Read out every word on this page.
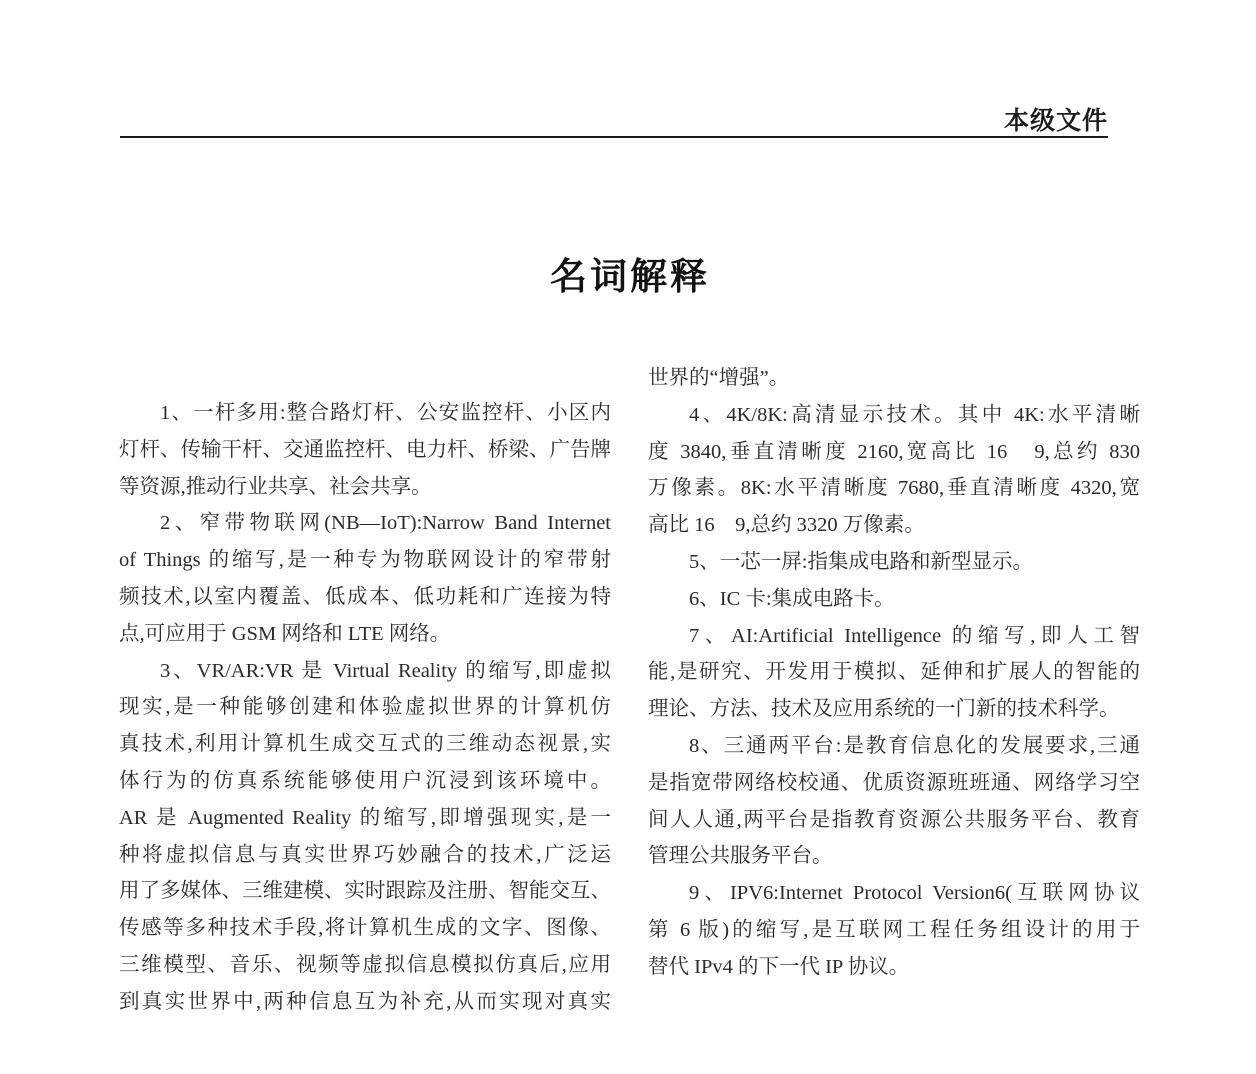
本级文件
名词解释
1、一杆多用:整合路灯杆、公安监控杆、小区内
灯杆、传输干杆、交通监控杆、电力杆、桥梁、广告牌
等资源,推动行业共享、社会共享。
2、窄带物联网(NB—IoT):Narrow Band Internet
of Things 的缩写,是一种专为物联网设计的窄带射
频技术,以室内覆盖、低成本、低功耗和广连接为特
点,可应用于 GSM 网络和 LTE 网络。
3、VR/AR:VR 是 Virtual Reality 的缩写,即虚拟
现实,是一种能够创建和体验虚拟世界的计算机仿
真技术,利用计算机生成交互式的三维动态视景,实
体行为的仿真系统能够使用户沉浸到该环境中。
AR 是 Augmented Reality 的缩写,即增强现实,是一
种将虚拟信息与真实世界巧妙融合的技术,广泛运
用了多媒体、三维建模、实时跟踪及注册、智能交互、
传感等多种技术手段,将计算机生成的文字、图像、
三维模型、音乐、视频等虚拟信息模拟仿真后,应用
到真实世界中,两种信息互为补充,从而实现对真实
世界的“增强”。
4、4K/8K:高清显示技术。其中 4K:水平清晰
度 3840,垂直清晰度 2160,宽高比 16　9,总约 830
万像素。8K:水平清晰度 7680,垂直清晰度 4320,宽
高比 16　9,总约 3320 万像素。
5、一芯一屏:指集成电路和新型显示。
6、IC 卡:集成电路卡。
7、AI:Artificial Intelligence 的缩写,即人工智
能,是研究、开发用于模拟、延伸和扩展人的智能的
理论、方法、技术及应用系统的一门新的技术科学。
8、三通两平台:是教育信息化的发展要求,三通
是指宽带网络校校通、优质资源班班通、网络学习空
间人人通,两平台是指教育资源公共服务平台、教育
管理公共服务平台。
9、IPV6:Internet Protocol Version6(互联网协议
第 6 版)的缩写,是互联网工程任务组设计的用于
替代 IPv4 的下一代 IP 协议。
